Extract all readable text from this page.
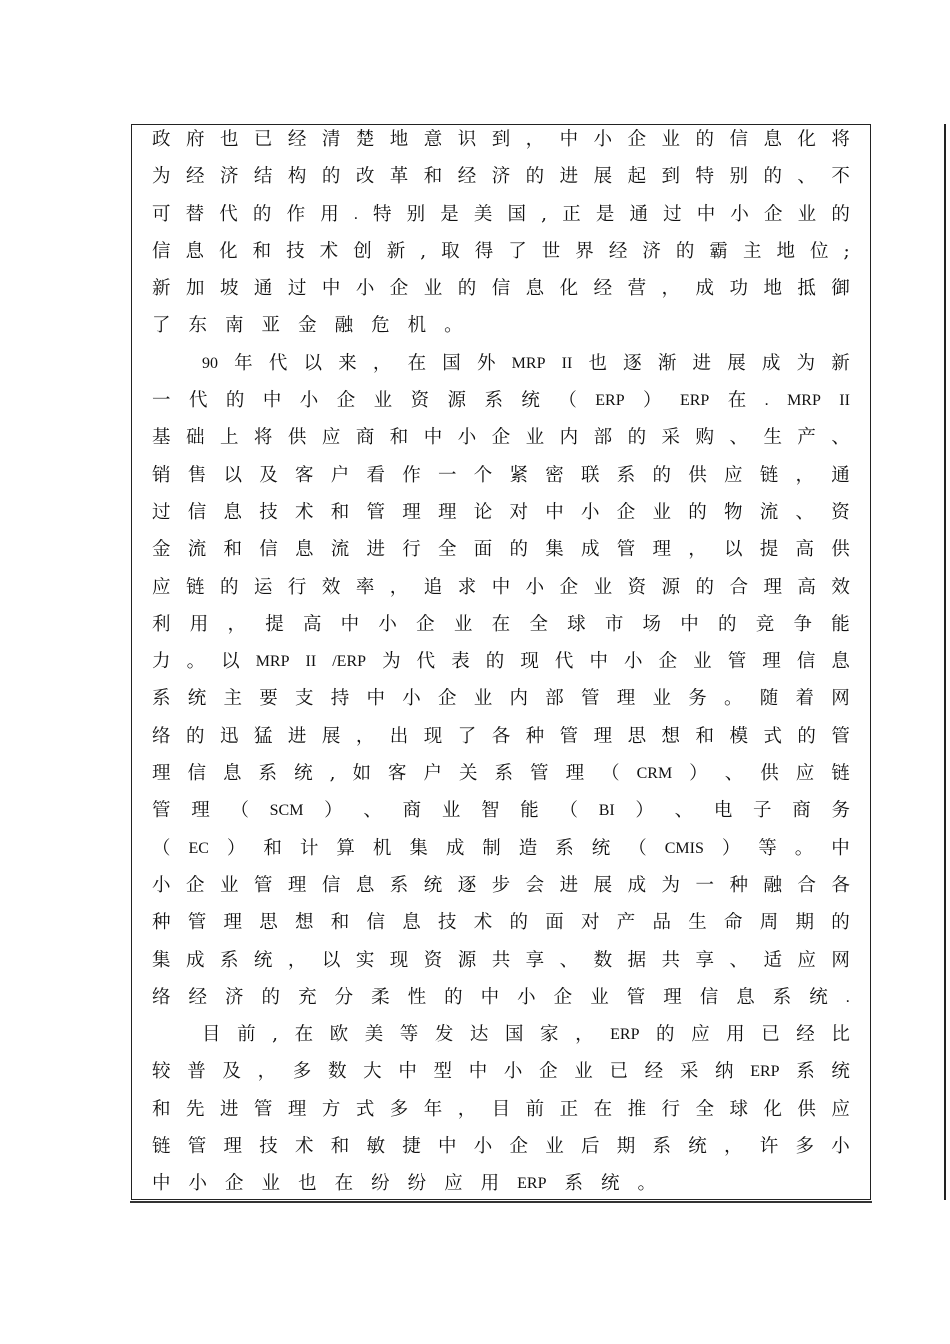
政 府 也 已 经 清 楚 地 意 识 到 ， 中 小 企 业 的 信 息 化 将
为 经 济 结 构 的 改 革 和 经 济 的 进 展 起 到 特 别 的 、 不
可 替 代 的 作 用 . 特 别 是 美 国 , 正 是 通 过 中 小 企 业 的
信 息 化 和 技 术 创 新 , 取 得 了 世 界 经 济 的 霸 主 地 位 ;
新 加 坡 通 过 中 小 企 业 的 信 息 化 经 营 ， 成 功 地 抵 御
了 东 南 亚 金 融 危 机 。
90 年 代 以 来 ， 在 国 外 MRP II 也 逐 渐 进 展 成 为 新
一 代 的 中 小 企 业 资 源 系 统 （ ERP ） ERP 在 . MRP II
基 础 上 将 供 应 商 和 中 小 企 业 内 部 的 采 购 、 生 产 、
销 售 以 及 客 户 看 作 一 个 紧 密 联 系 的 供 应 链 ， 通
过 信 息 技 术 和 管 理 理 论 对 中 小 企 业 的 物 流 、 资
金 流 和 信 息 流 进 行 全 面 的 集 成 管 理 ， 以 提 高 供
应 链 的 运 行 效 率 ， 追 求 中 小 企 业 资 源 的 合 理 高 效
利 用 ， 提 高 中 小 企 业 在 全 球 市 场 中 的 竞 争 能
力 。 以 MRP II /ERP 为 代 表 的 现 代 中 小 企 业 管 理 信 息
系 统 主 要 支 持 中 小 企 业 内 部 管 理 业 务 。 随 着 网
络 的 迅 猛 进 展 ， 出 现 了 各 种 管 理 思 想 和 模 式 的 管
理 信 息 系 统 , 如 客 户 关 系 管 理 （ CRM ） 、 供 应 链
管 理 （ SCM ） 、 商 业 智 能 （ BI ） 、 电 子 商 务
（ EC ） 和 计 算 机 集 成 制 造 系 统 （ CMIS ） 等 。 中
小 企 业 管 理 信 息 系 统 逐 步 会 进 展 成 为 一 种 融 合 各
种 管 理 思 想 和 信 息 技 术 的 面 对 产 品 生 命 周 期 的
集 成 系 统 ， 以 实 现 资 源 共 享 、 数 据 共 享 、 适 应 网
络 经 济 的 充 分 柔 性 的 中 小 企 业 管 理 信 息 系 统 .
目 前 , 在 欧 美 等 发 达 国 家 ， ERP 的 应 用 已 经 比
较 普 及 ， 多 数 大 中 型 中 小 企 业 已 经 采 纳 ERP 系 统
和 先 进 管 理 方 式 多 年 ， 目 前 正 在 推 行 全 球 化 供 应
链 管 理 技 术 和 敏 捷 中 小 企 业 后 期 系 统 ， 许 多 小
中 小 企 业 也 在 纷 纷 应 用 ERP 系 统 。
